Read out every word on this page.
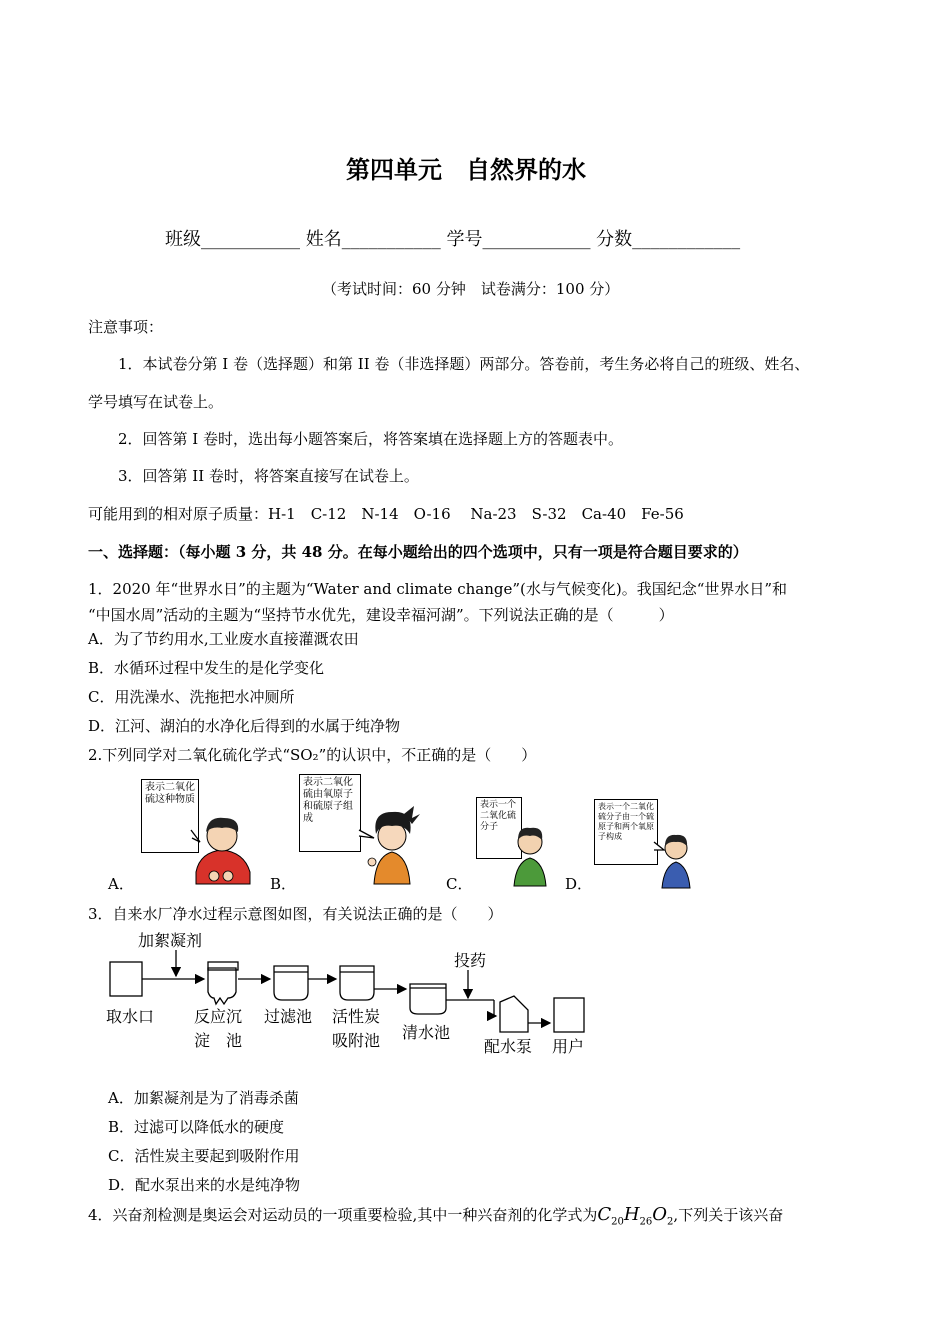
第四单元　自然界的水
班级___________ 姓名___________ 学号____________ 分数____________
（考试时间：60 分钟　试卷满分：100 分）
注意事项：
1．本试卷分第 I 卷（选择题）和第 II 卷（非选择题）两部分。答卷前，考生务必将自己的班级、姓名、
学号填写在试卷上。
2．回答第 I 卷时，选出每小题答案后，将答案填在选择题上方的答题表中。
3．回答第 II 卷时，将答案直接写在试卷上。
可能用到的相对原子质量：H-1　C-12　N-14　O-16　 Na-23　S-32　Ca-40　Fe-56
一、选择题：（每小题 3 分，共 48 分。在每小题给出的四个选项中，只有一项是符合题目要求的）
1．2020 年“世界水日”的主题为“Water and climate change”(水与气候变化)。我国纪念“世界水日”和
“中国水周”活动的主题为“坚持节水优先，建设幸福河湖”。下列说法正确的是（　　　）
A．为了节约用水,工业废水直接灌溉农田
B．水循环过程中发生的是化学变化
C．用洗澡水、洗拖把水冲厕所
D．江河、湖泊的水净化后得到的水属于纯净物
2.下列同学对二氧化硫化学式“SO₂”的认识中，不正确的是（　　）
表示二氧化硫这种物质
表示二氧化硫由氧原子和硫原子组成
表示一个二氧化硫分子
表示一个二氧化硫分子由一个硫原子和两个氧原子构成
A．	B．	C．	D．
3．自来水厂净水过程示意图如图，有关说法正确的是（　　）
加絮凝剂
投药
取水口 反应沉
淀　池
过滤池 活性炭
吸附池 清水池
配水泵 用户
A．加絮凝剂是为了消毒杀菌
B．过滤可以降低水的硬度
C．活性炭主要起到吸附作用
D．配水泵出来的水是纯净物
4．兴奋剂检测是奥运会对运动员的一项重要检验,其中一种兴奋剂的化学式为$C_{20}H_{26}O_2$,下列关于该兴奋
